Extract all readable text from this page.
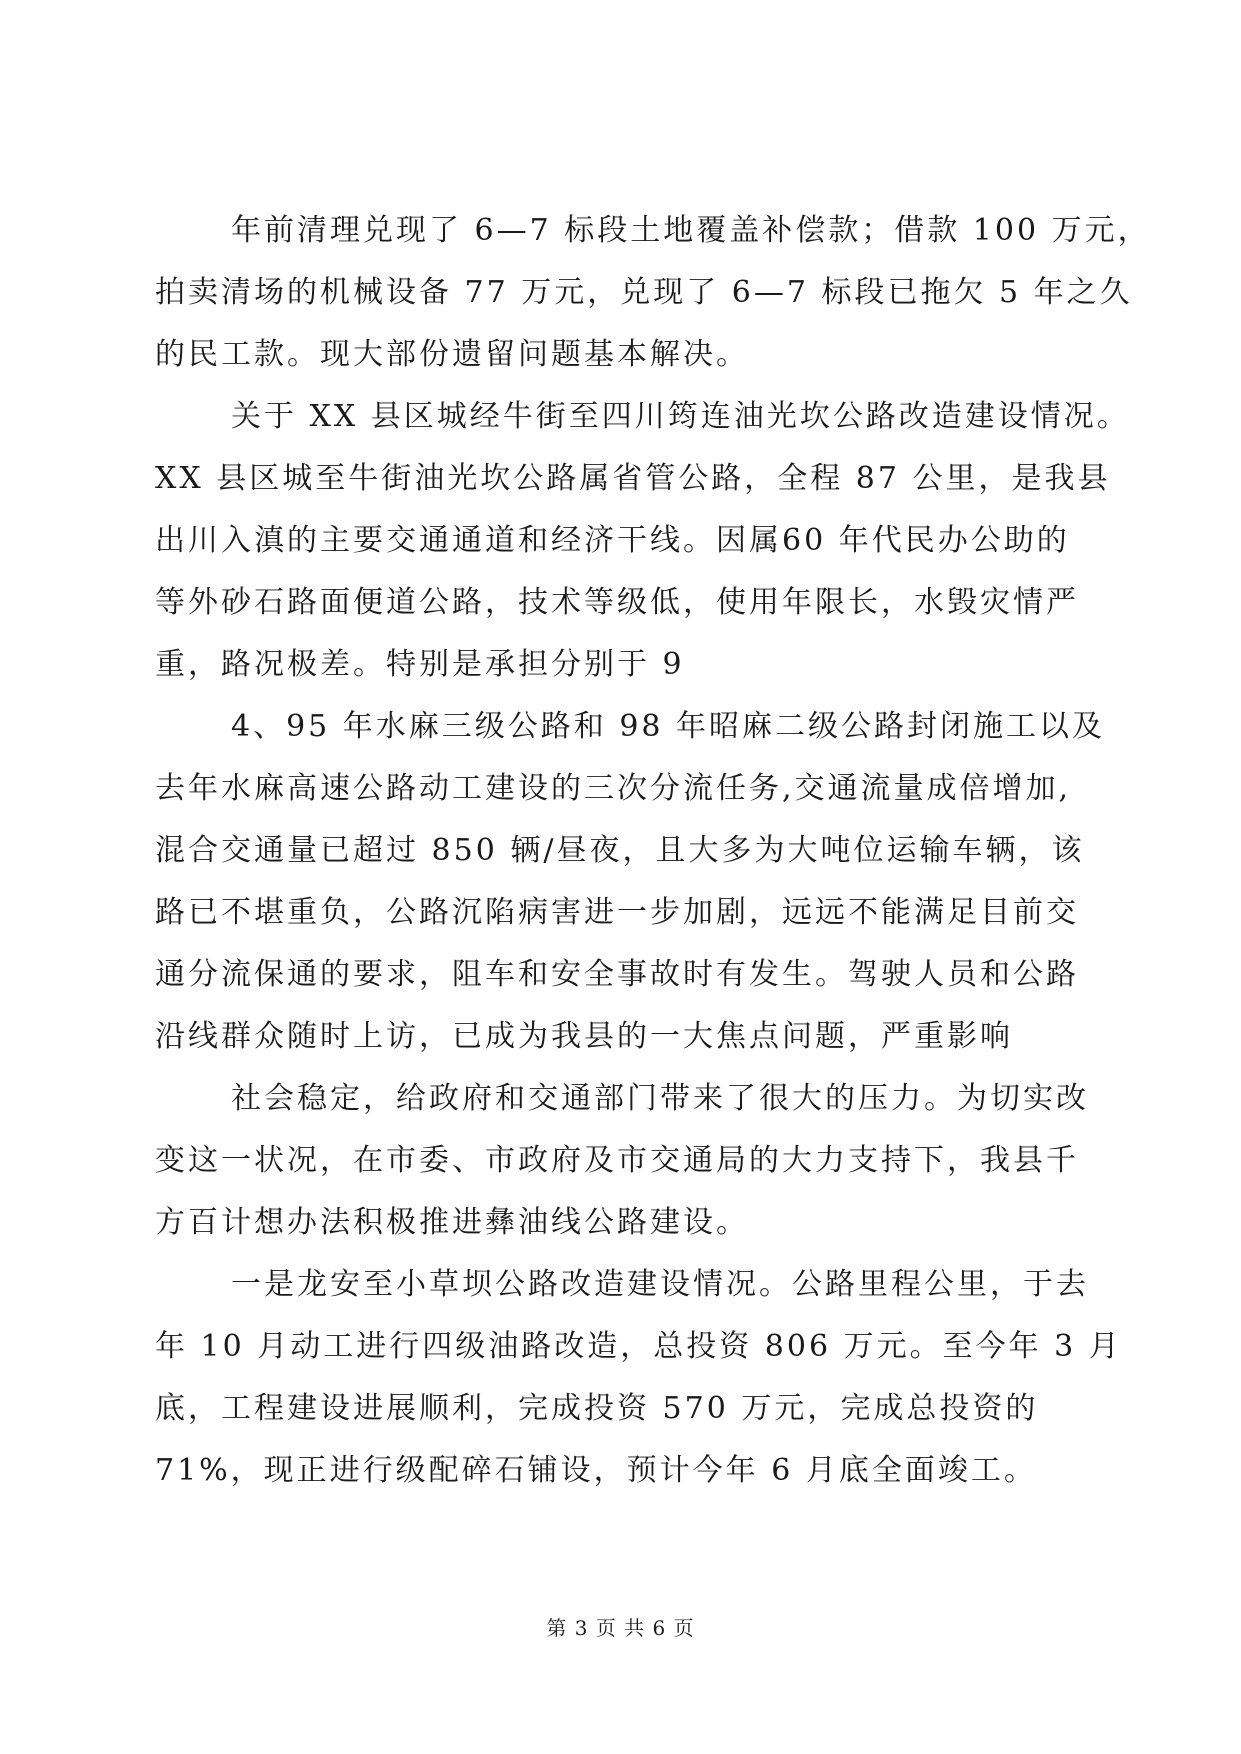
年前清理兑现了 6—7 标段土地覆盖补偿款；借款 100 万元，
拍卖清场的机械设备 77 万元，兑现了 6—7 标段已拖欠 5 年之久
的民工款。现大部份遗留问题基本解决。
关于 XX 县区城经牛街至四川筠连油光坎公路改造建设情况。
XX 县区城至牛街油光坎公路属省管公路，全程 87 公里，是我县
出川入滇的主要交通通道和经济干线。因属60 年代民办公助的
等外砂石路面便道公路，技术等级低，使用年限长，水毁灾情严
重，路况极差。特别是承担分别于 9
4、95 年水麻三级公路和 98 年昭麻二级公路封闭施工以及
去年水麻高速公路动工建设的三次分流任务,交通流量成倍增加,
混合交通量已超过 850 辆/昼夜，且大多为大吨位运输车辆，该
路已不堪重负，公路沉陷病害进一步加剧，远远不能满足目前交
通分流保通的要求，阻车和安全事故时有发生。驾驶人员和公路
沿线群众随时上访，已成为我县的一大焦点问题，严重影响
社会稳定，给政府和交通部门带来了很大的压力。为切实改
变这一状况，在市委、市政府及市交通局的大力支持下，我县千
方百计想办法积极推进彝油线公路建设。
一是龙安至小草坝公路改造建设情况。公路里程公里，于去
年 10 月动工进行四级油路改造，总投资 806 万元。至今年 3 月
底，工程建设进展顺利，完成投资 570 万元，完成总投资的
71%，现正进行级配碎石铺设，预计今年 6 月底全面竣工。
第 3 页 共 6 页
